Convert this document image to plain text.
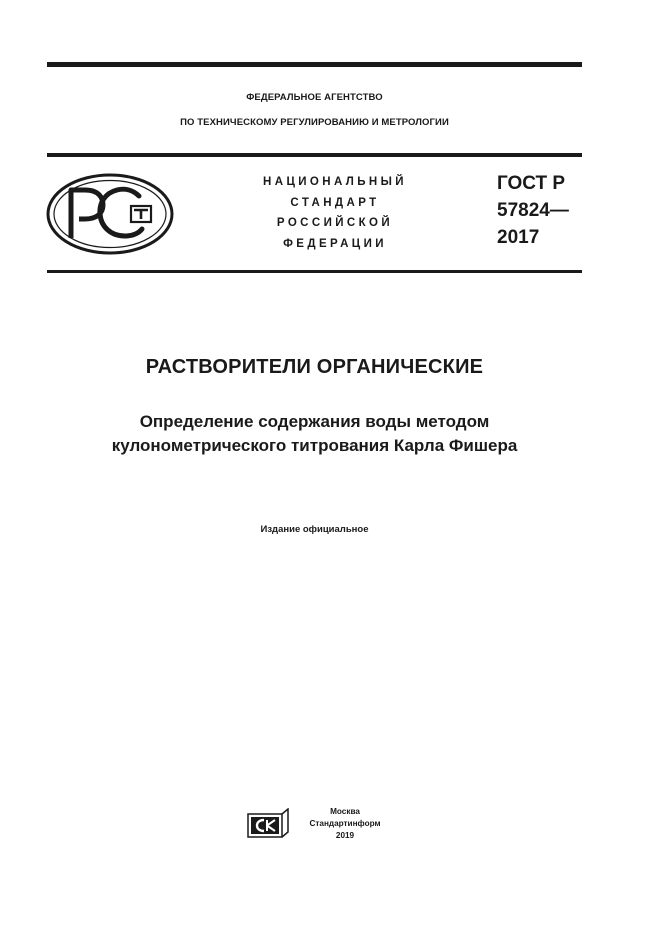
ФЕДЕРАЛЬНОЕ АГЕНТСТВО
ПО ТЕХНИЧЕСКОМУ РЕГУЛИРОВАНИЮ И МЕТРОЛОГИИ
НАЦИОНАЛЬНЫЙ
СТАНДАРТ
РОССИЙСКОЙ
ФЕДЕРАЦИИ
ГОСТ Р
57824—
2017
РАСТВОРИТЕЛИ ОРГАНИЧЕСКИЕ
Определение содержания воды методом
кулонометрического титрования Карла Фишера
Издание официальное
Москва
Стандартинформ
2019
